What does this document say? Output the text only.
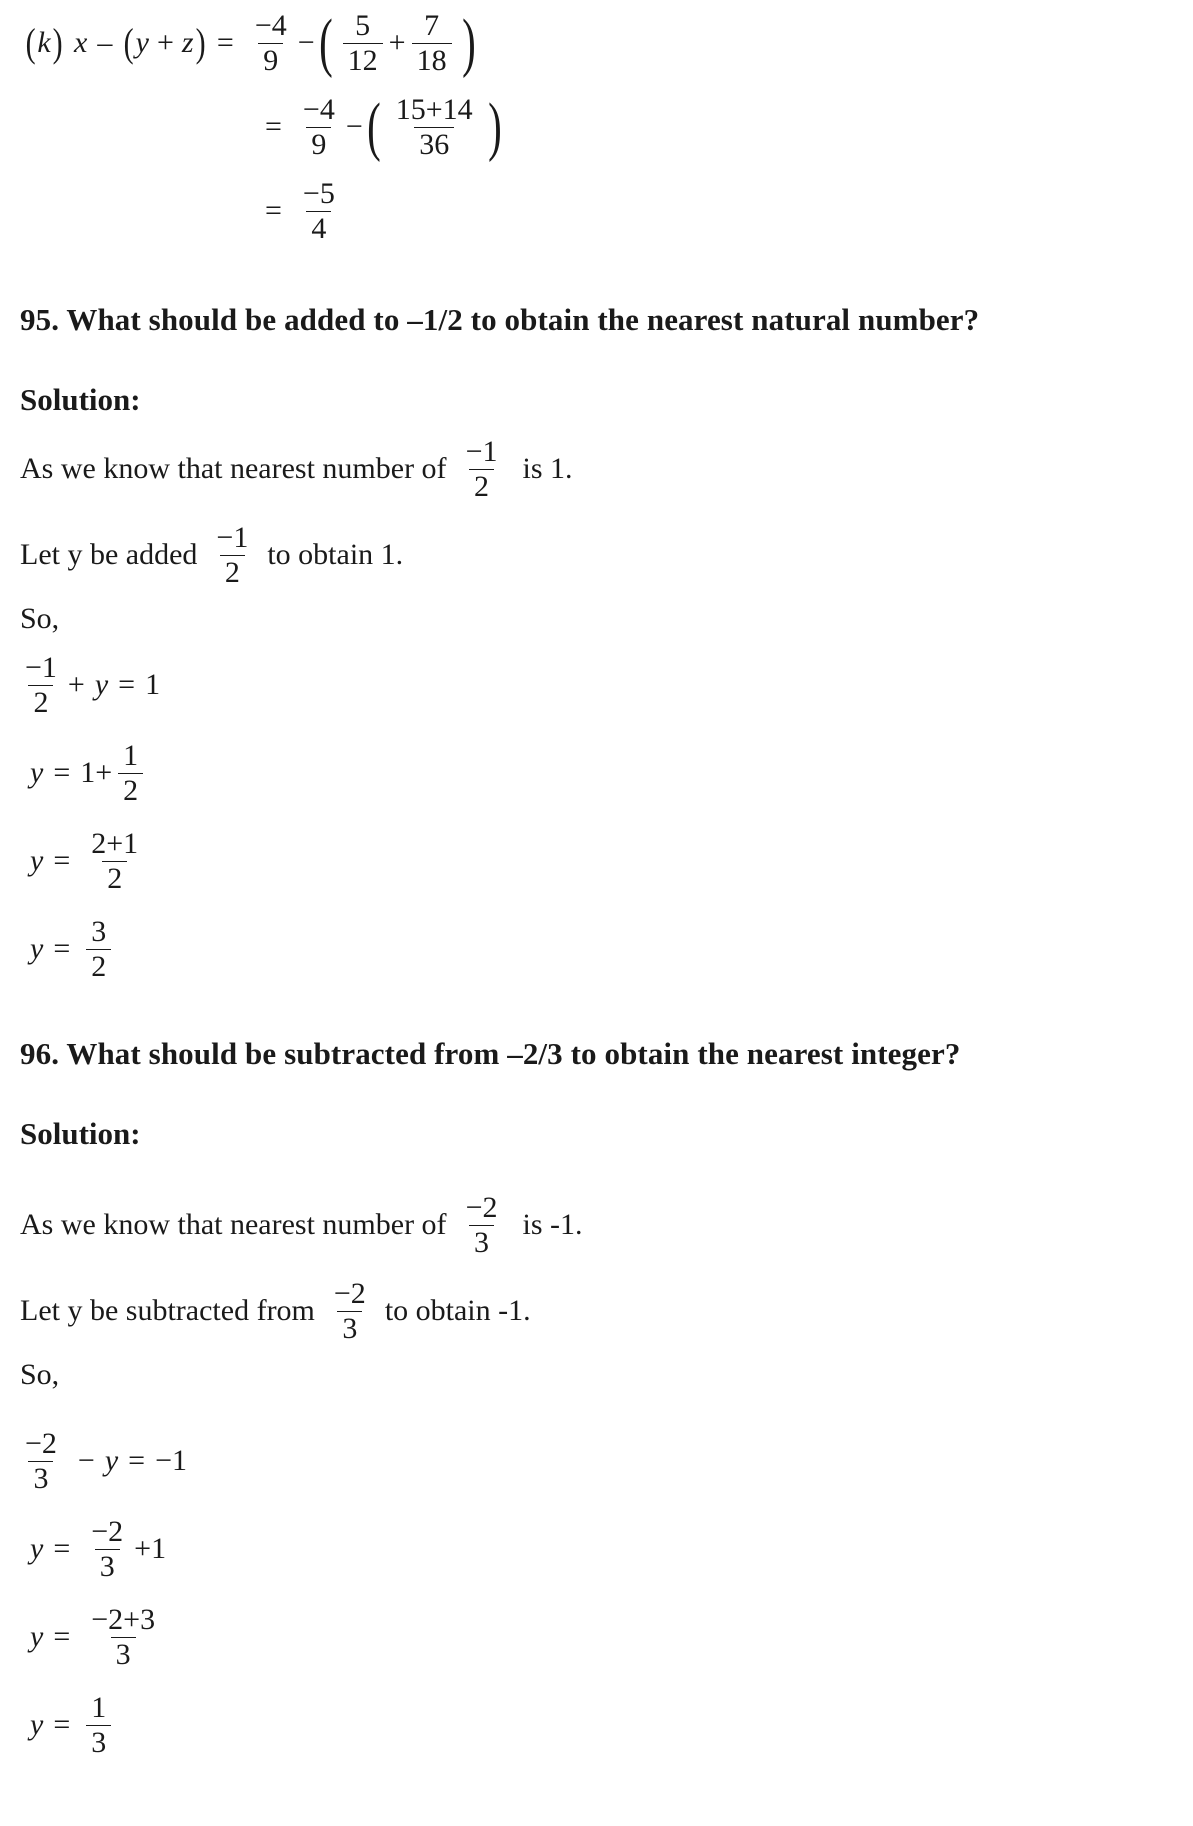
( k ) x – ( y + z ) = $\frac{-4}{9}$ − ( $\frac{5}{12} + \frac{7}{18}$ )
= $\frac{-4}{9}$ − ( $\frac{15+14}{36}$ )
= $\frac{-5}{4}$
95. What should be added to –1/2 to obtain the nearest natural number?
Solution:
As we know that nearest number of $\frac{-1}{2}$ is 1.
Let y be added $\frac{-1}{2}$ to obtain 1.
So,
$\frac{-1}{2} + y = 1$
$y = 1 + \frac{1}{2}$
$y = \frac{2+1}{2}$
$y = \frac{3}{2}$
96. What should be subtracted from –2/3 to obtain the nearest integer?
Solution:
As we know that nearest number of $\frac{-2}{3}$ is -1.
Let y be subtracted from $\frac{-2}{3}$ to obtain -1.
So,
$\frac{-2}{3} - y = -1$
$y = \frac{-2}{3} + 1$
$y = \frac{-2+3}{3}$
$y = \frac{1}{3}$
